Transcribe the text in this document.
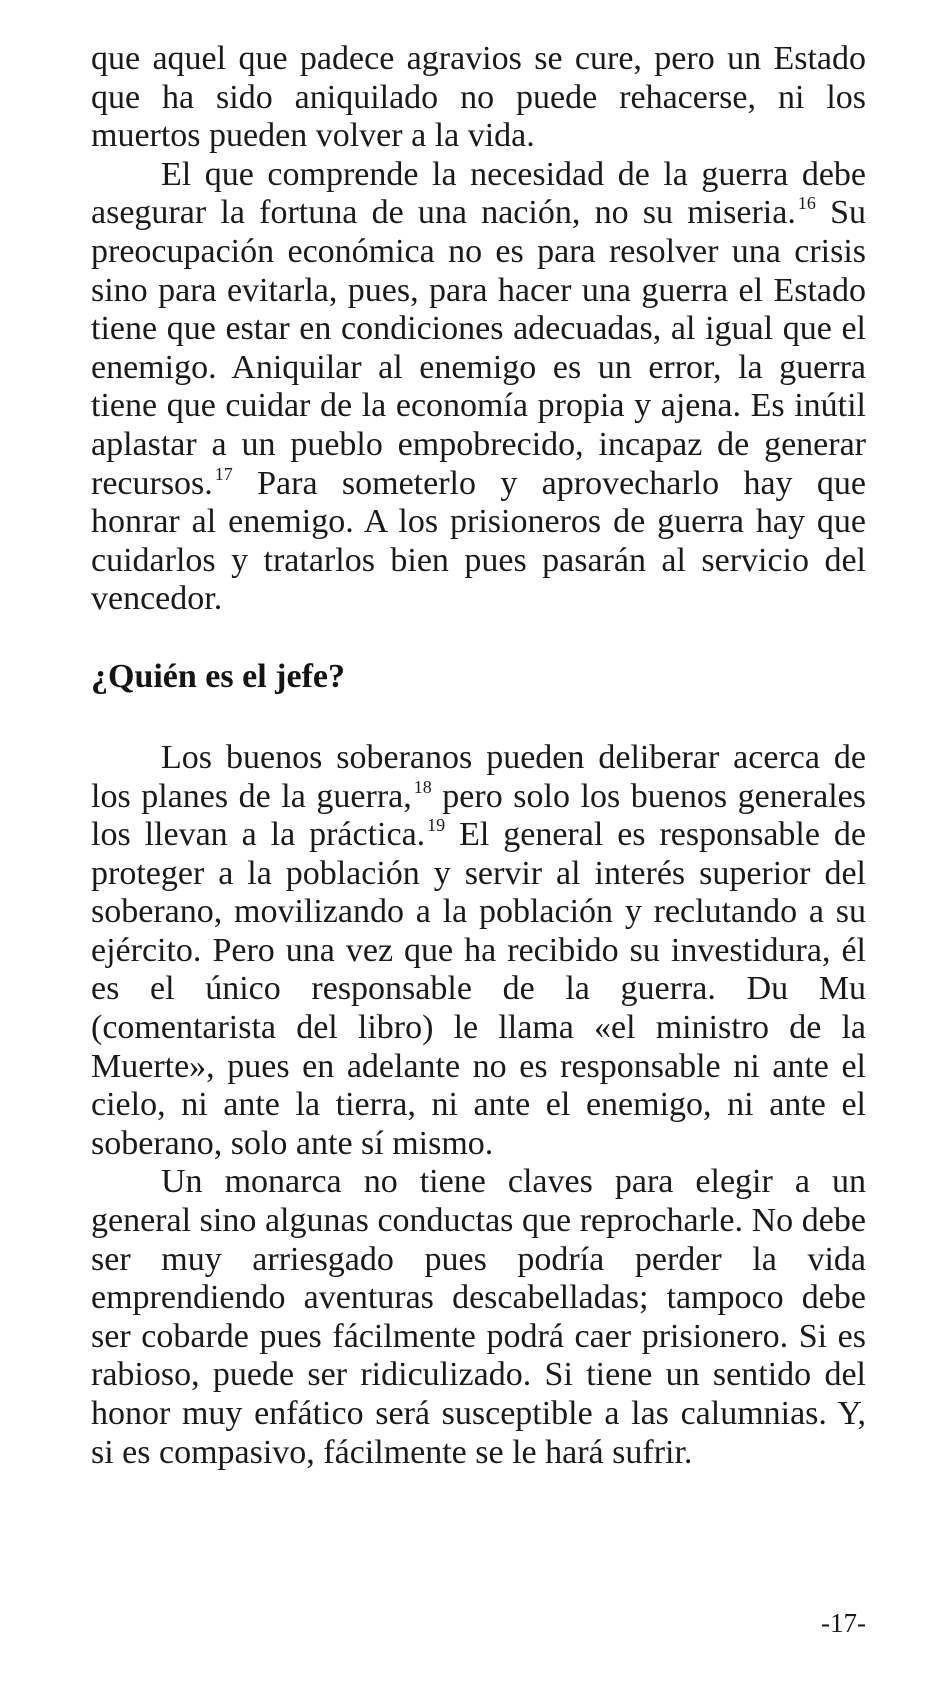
que aquel que padece agravios se cure, pero un Estado que ha sido aniquilado no puede rehacerse, ni los muertos pueden volver a la vida.

El que comprende la necesidad de la guerra debe asegurar la fortuna de una nación, no su miseria. $^{16}$ Su preocupación económica no es para resolver una crisis sino para evitarla, pues, para hacer una guerra el Estado tiene que estar en condiciones adecuadas, al igual que el enemigo. Aniquilar al enemigo es un error, la guerra tiene que cuidar de la economía propia y ajena. Es inútil aplastar a un pueblo empobrecido, incapaz de generar recursos. $^{17}$ Para someterlo y aprovecharlo hay que honrar al enemigo. A los prisioneros de guerra hay que cuidarlos y tratarlos bien pues pasarán al servicio del vencedor.

¿Quién es el jefe?

Los buenos soberanos pueden deliberar acerca de los planes de la guerra, $^{18}$ pero solo los buenos generales los llevan a la práctica. $^{19}$ El general es responsable de proteger a la población y servir al interés superior del soberano, movilizando a la población y reclutando a su ejército. Pero una vez que ha recibido su investidura, él es el único responsable de la guerra. Du Mu (comentarista del libro) le llama «el ministro de la Muerte», pues en adelante no es responsable ni ante el cielo, ni ante la tierra, ni ante el enemigo, ni ante el soberano, solo ante sí mismo.

Un monarca no tiene claves para elegir a un general sino algunas conductas que reprocharle. No debe ser muy arriesgado pues podría perder la vida emprendiendo aventuras descabelladas; tampoco debe ser cobarde pues fácilmente podrá caer prisionero. Si es rabioso, puede ser ridiculizado. Si tiene un sentido del honor muy enfático será susceptible a las calumnias. Y, si es compasivo, fácilmente se le hará sufrir.

-17-
